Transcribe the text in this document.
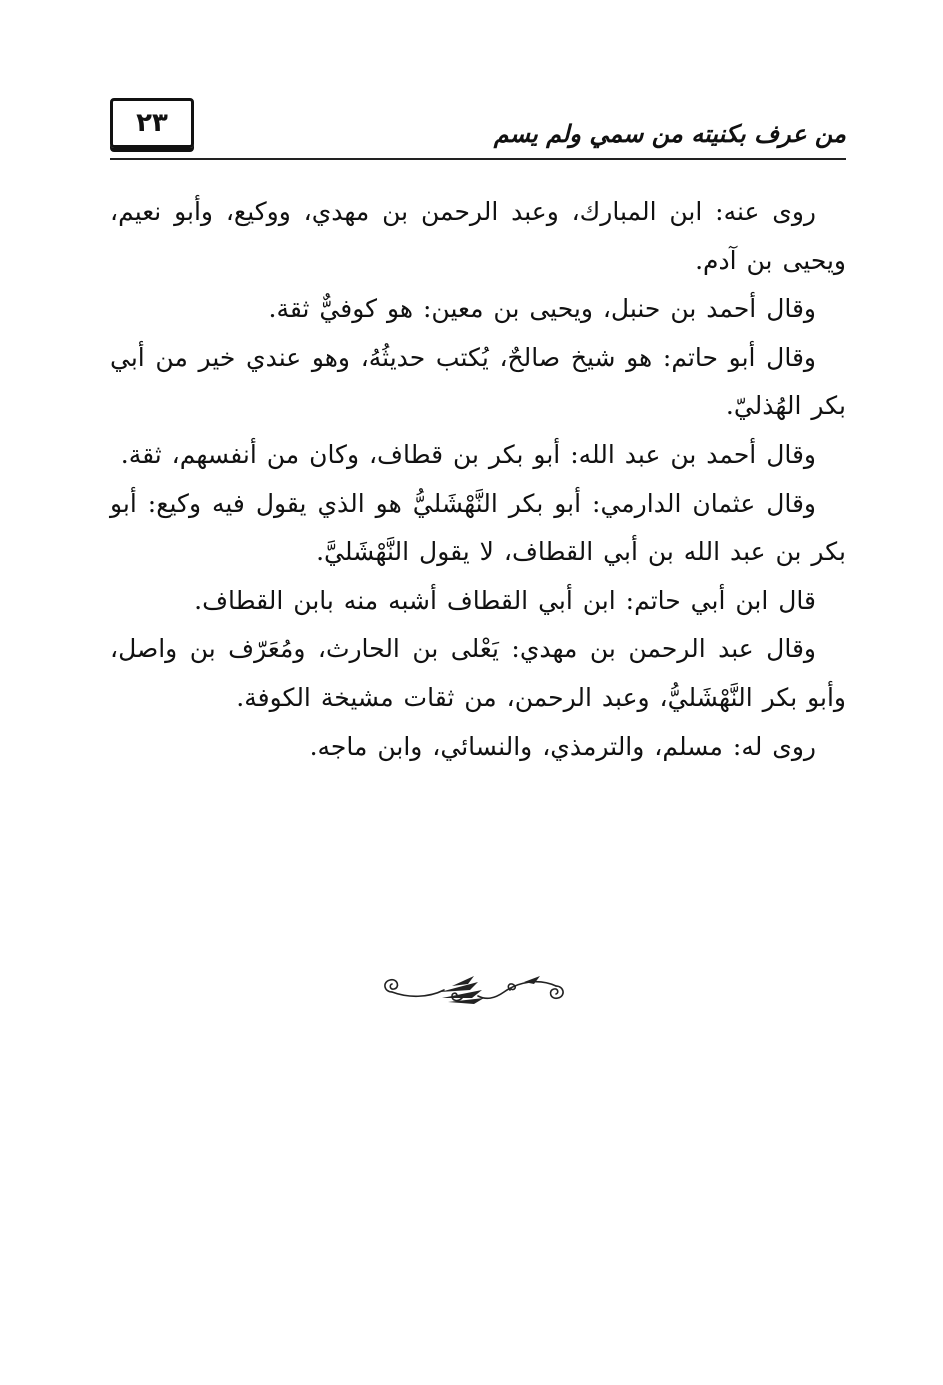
٢٣	من عرف بكنيته من سمي ولم يسم

روى عنه: ابن المبارك، وعبد الرحمن بن مهدي، ووكيع، وأبو نعيم، ويحيى بن آدم.

وقال أحمد بن حنبل، ويحيى بن معين: هو كوفيٌّ ثقة.

وقال أبو حاتم: هو شيخ صالحٌ، يُكتب حديثُهُ، وهو عندي خير من أبي بكر الهُذليّ.

وقال أحمد بن عبد الله: أبو بكر بن قطاف، وكان من أنفسهم، ثقة.

وقال عثمان الدارمي: أبو بكر النَّهْشَليُّ هو الذي يقول فيه وكيع: أبو بكر بن عبد الله بن أبي القطاف، لا يقول النَّهْشَليَّ.

قال ابن أبي حاتم: ابن أبي القطاف أشبه منه بابن القطاف.

وقال عبد الرحمن بن مهدي: يَعْلى بن الحارث، ومُعَرّف بن واصل، وأبو بكر النَّهْشَليُّ، وعبد الرحمن، من ثقات مشيخة الكوفة.

روى له: مسلم، والترمذي، والنسائي، وابن ماجه.
